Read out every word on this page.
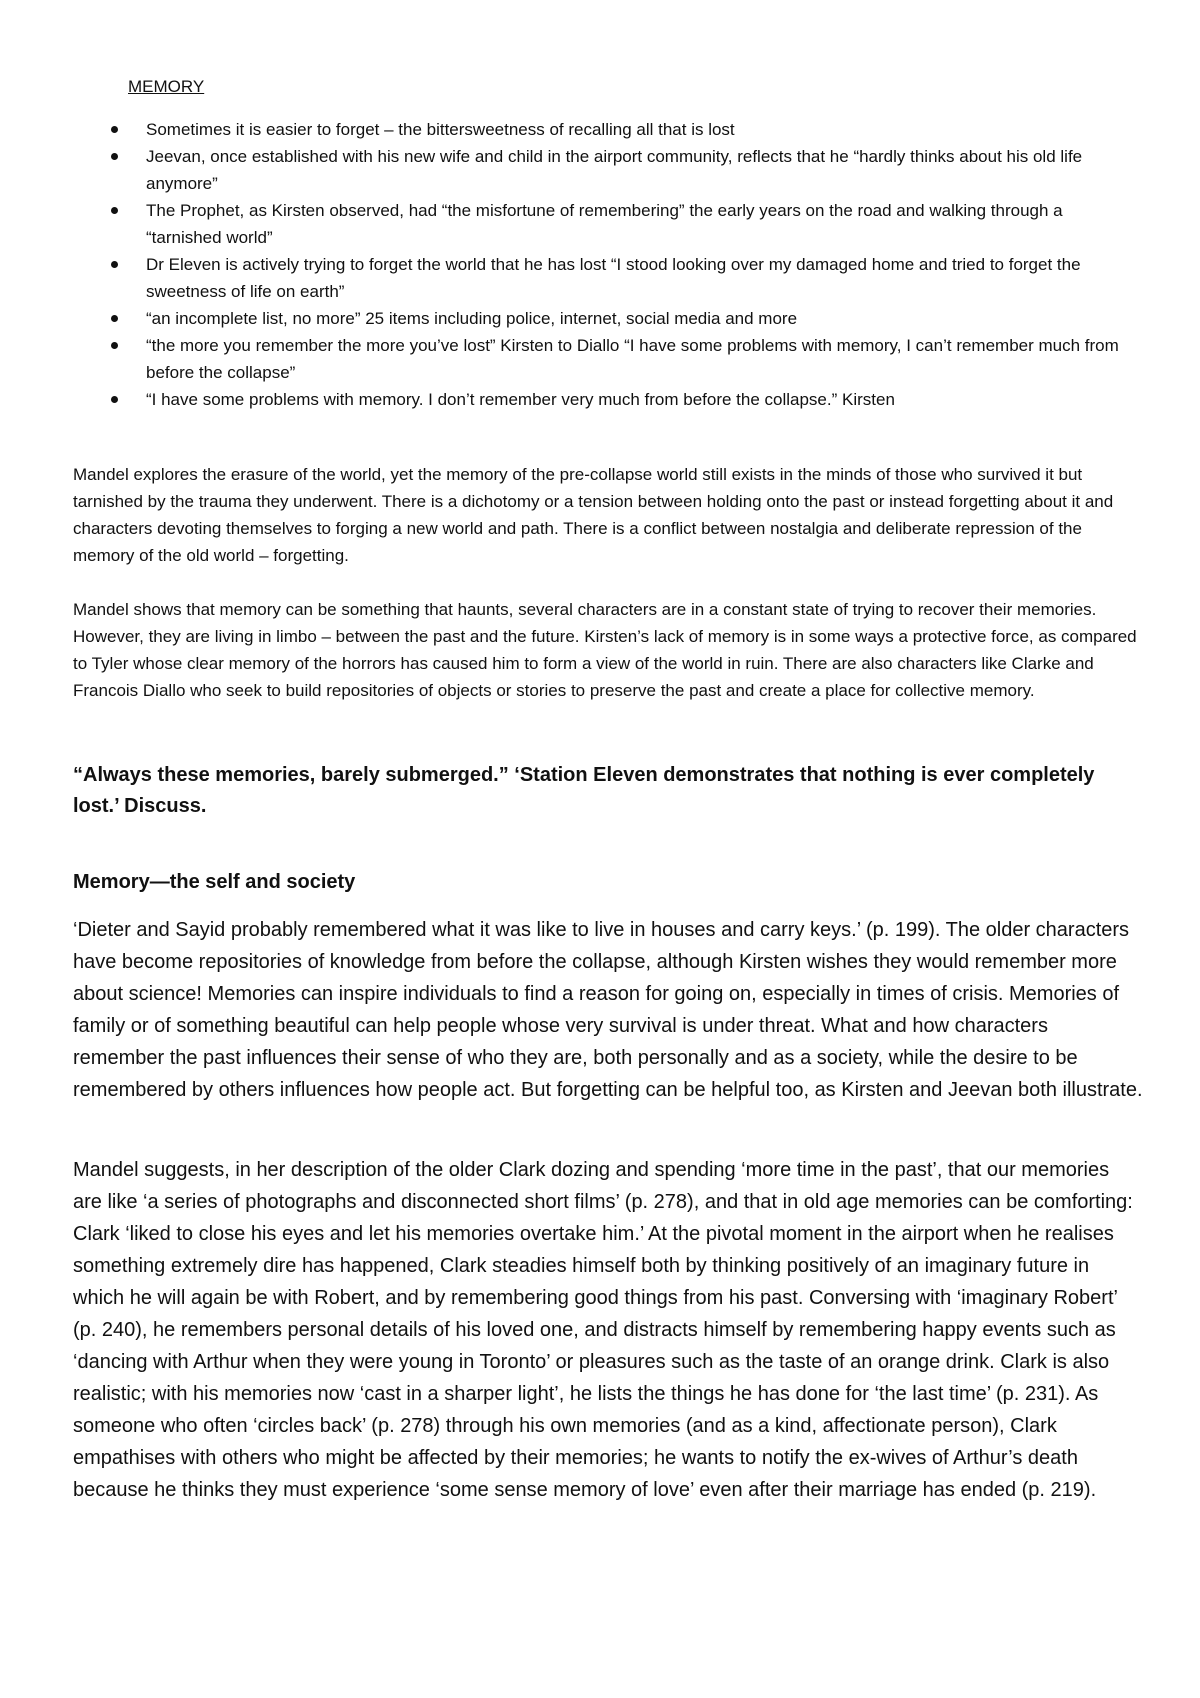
MEMORY
Sometimes it is easier to forget – the bittersweetness of recalling all that is lost
Jeevan, once established with his new wife and child in the airport community, reflects that he “hardly thinks about his old life anymore”
The Prophet, as Kirsten observed, had “the misfortune of remembering” the early years on the road and walking through a “tarnished world”
Dr Eleven is actively trying to forget the world that he has lost “I stood looking over my damaged home and tried to forget the sweetness of life on earth”
“an incomplete list, no more” 25 items including police, internet, social media and more
“the more you remember the more you’ve lost” Kirsten to Diallo “I have some problems with memory, I can’t remember much from before the collapse”
“I have some problems with memory. I don’t remember very much from before the collapse.” Kirsten

Mandel explores the erasure of the world, yet the memory of the pre-collapse world still exists in the minds of those who survived it but tarnished by the trauma they underwent. There is a dichotomy or a tension between holding onto the past or instead forgetting about it and characters devoting themselves to forging a new world and path. There is a conflict between nostalgia and deliberate repression of the memory of the old world – forgetting.

Mandel shows that memory can be something that haunts, several characters are in a constant state of trying to recover their memories. However, they are living in limbo – between the past and the future. Kirsten’s lack of memory is in some ways a protective force, as compared to Tyler whose clear memory of the horrors has caused him to form a view of the world in ruin. There are also characters like Clarke and Francois Diallo who seek to build repositories of objects or stories to preserve the past and create a place for collective memory.

“Always these memories, barely submerged.” ‘Station Eleven demonstrates that nothing is ever completely lost.’ Discuss.

Memory—the self and society

‘Dieter and Sayid probably remembered what it was like to live in houses and carry keys.’ (p. 199). The older characters have become repositories of knowledge from before the collapse, although Kirsten wishes they would remember more about science! Memories can inspire individuals to find a reason for going on, especially in times of crisis. Memories of family or of something beautiful can help people whose very survival is under threat. What and how characters remember the past influences their sense of who they are, both personally and as a society, while the desire to be remembered by others influences how people act. But forgetting can be helpful too, as Kirsten and Jeevan both illustrate.

Mandel suggests, in her description of the older Clark dozing and spending ‘more time in the past’, that our memories are like ‘a series of photographs and disconnected short films’ (p. 278), and that in old age memories can be comforting: Clark ‘liked to close his eyes and let his memories overtake him.’ At the pivotal moment in the airport when he realises something extremely dire has happened, Clark steadies himself both by thinking positively of an imaginary future in which he will again be with Robert, and by remembering good things from his past. Conversing with ‘imaginary Robert’ (p. 240), he remembers personal details of his loved one, and distracts himself by remembering happy events such as ‘dancing with Arthur when they were young in Toronto’ or pleasures such as the taste of an orange drink. Clark is also realistic; with his memories now ‘cast in a sharper light’, he lists the things he has done for ‘the last time’ (p. 231). As someone who often ‘circles back’ (p. 278) through his own memories (and as a kind, affectionate person), Clark empathises with others who might be affected by their memories; he wants to notify the ex-wives of Arthur’s death because he thinks they must experience ‘some sense memory of love’ even after their marriage has ended (p. 219).
